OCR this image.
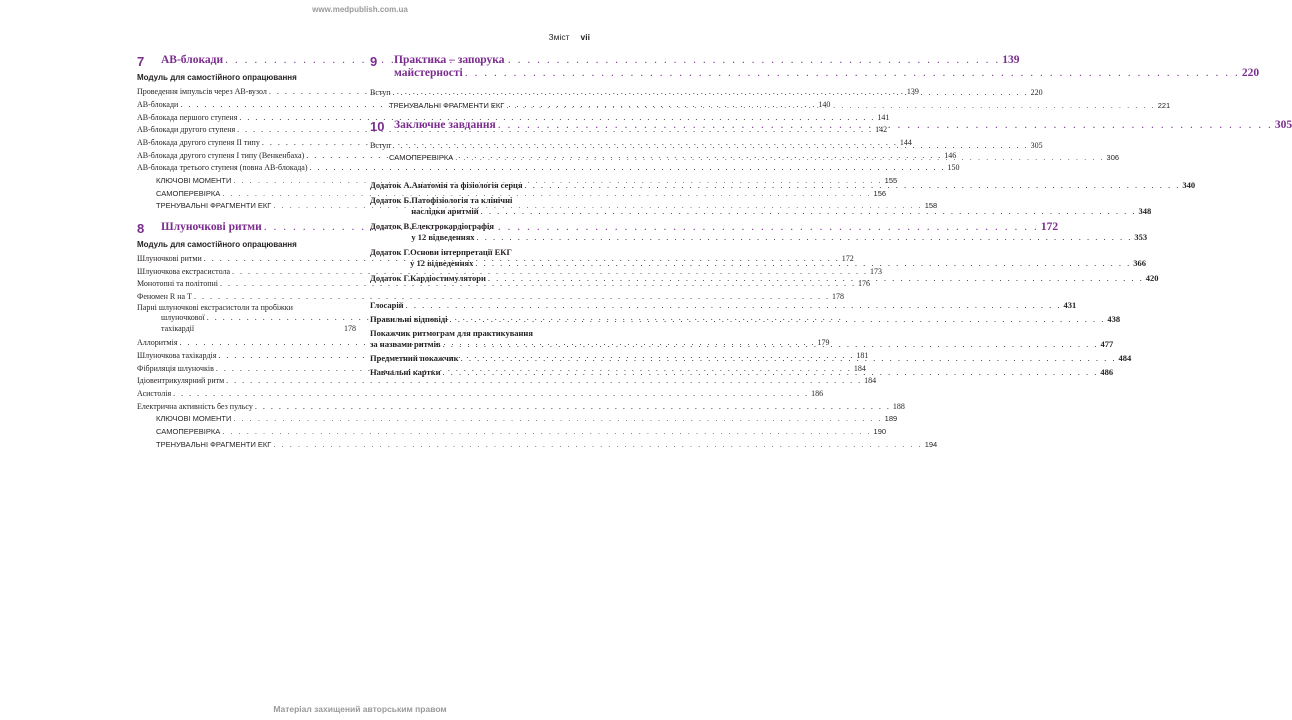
www.medpublish.com.ua
Зміст vii
7	АВ-блокади . . .	139
Модуль для самостійного опрацювання
Проведення імпульсів через АВ-вузол . . .	139
АВ-блокади . . .	140
АВ-блокада першого ступеня . . .	141
АВ-блокади другого ступеня . . .	142
АВ-блокада другого ступеня II типу . . .	144
АВ-блокада другого ступеня I типу (Венкенбаха) . . .	146
АВ-блокада третього ступеня (повна АВ-блокада) . . .	150
КЛЮЧОВІ МОМЕНТИ . . .	155
САМОПЕРЕВІРКА . . .	156
ТРЕНУВАЛЬНІ ФРАГМЕНТИ ЕКГ . . .	158
8	Шлуночкові ритми . . .	172
Модуль для самостійного опрацювання
Шлуночкові ритми . . .	172
Шлуночкова екстрасистола . . .	173
Монотопні та політопні . . .	176
Феномен R на T . . .	178
Парні шлуночкові екстрасистоли та пробіжки
шлуночкової тахікардії . . .	178
Аллоритмія . . .	179
Шлуночкова тахікардія . . .	181
Фібриляція шлуночків . . .	184
Ідіовентрикулярний ритм . . .	184
Асистолія . . .	186
Електрична активність без пульсу . . .	188
КЛЮЧОВІ МОМЕНТИ . . .	189
САМОПЕРЕВІРКА . . .	190
ТРЕНУВАЛЬНІ ФРАГМЕНТИ ЕКГ . . .	194
9	Практика – запорука
майстерності . . .	220
Вступ . . .	220
ТРЕНУВАЛЬНІ ФРАГМЕНТИ ЕКГ . . .	221
10 Заключне завдання . . .	305
Вступ . . .	305
САМОПЕРЕВІРКА . . .	306
Додаток А. Анатомія та фізіологія серця . . .	340
Додаток Б. Патофізіологія та клінічні
наслідки аритмій . . .	348
Додаток В. Електрокардіографія
у 12 відведеннях . . .	353
Додаток Г. Основи інтерпретації ЕКГ
у 12 відведеннях . . .	366
Додаток Г. Кардіостимулятори . . .	420
Глосарій . . .	431
Правильні відповіді . . .	438
Покажчик ритмограм для практикування
за назвами ритмів . . .	477
Предметний покажчик . . .	484
Навчальні картки . . .	486
Матеріал захищений авторським правом
